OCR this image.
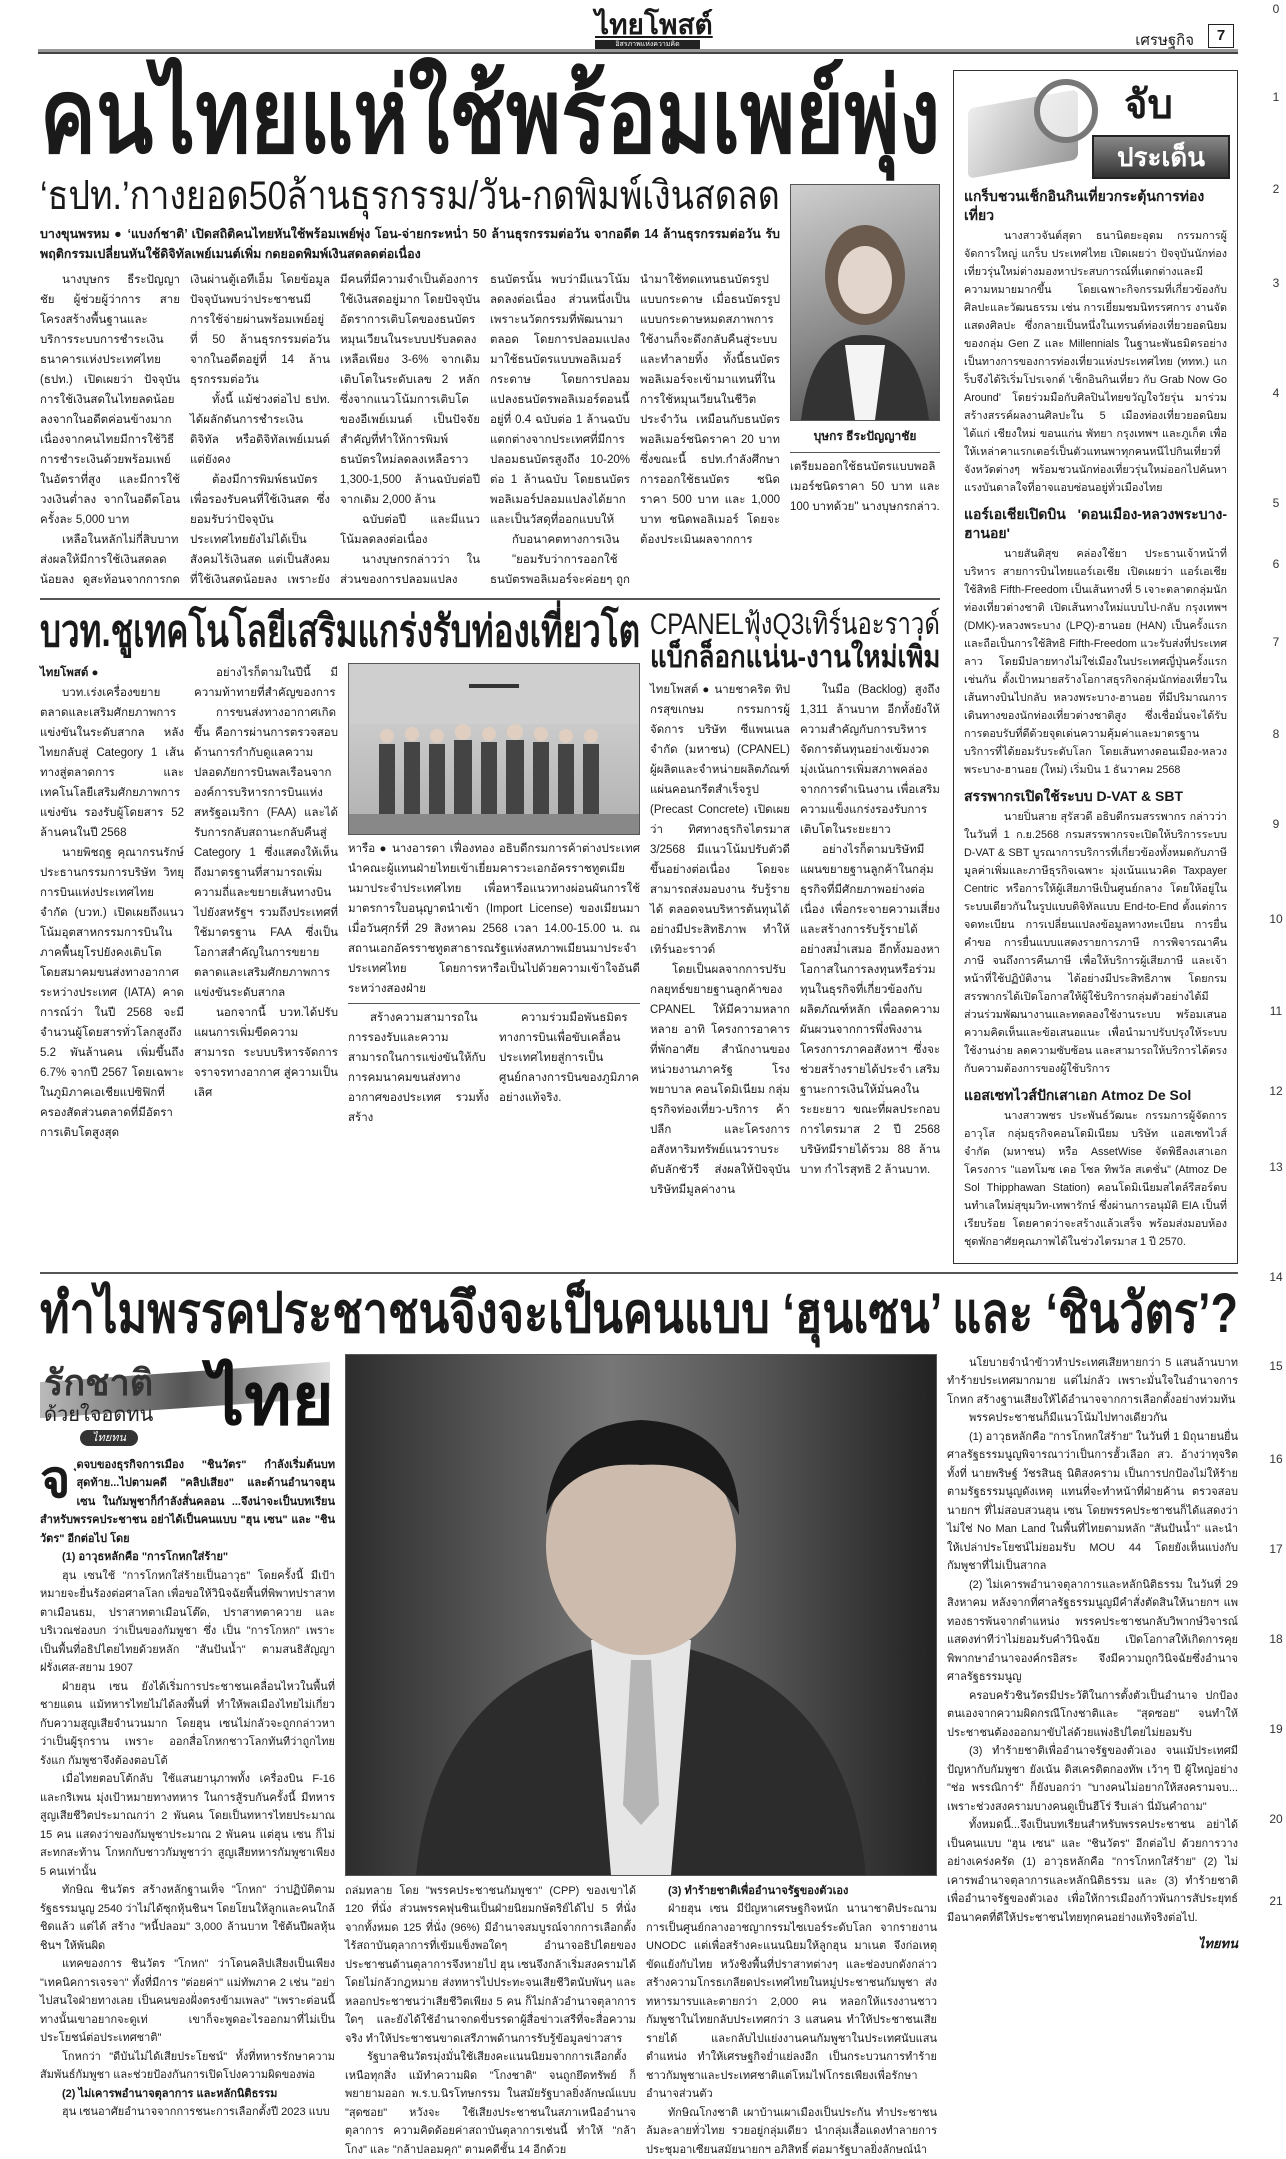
ไทยโพสต์
อิสรภาพแห่งความคิด	เศรษฐกิจ	7
0
1
2
3
4
5
6
7
8
9
10
11
12
13
14
15
16
17
18
19
20
21
คนไทยแห่ใช้พร้อมเพย์พุ่ง
‘ธปท.’กางยอด50ล้านธุรกรรม/วัน-กดพิมพ์เงินสดลด
บางขุนพรหม ● ‘แบงก์ชาติ’ เปิดสถิติคนไทยหันใช้พร้อมเพย์พุ่ง โอน-จ่ายกระหน่ำ 50 ล้านธุรกรรมต่อวัน จากอดีต 14 ล้านธุรกรรมต่อวัน รับพฤติกรรมเปลี่ยนหันใช้ดิจิทัลเพย์เมนต์เพิ่ม กดยอดพิมพ์เงินสดลดต่อเนื่อง

นางบุษกร ธีระปัญญาชัย ผู้ช่วยผู้ว่าการ สายโครงสร้างพื้นฐานและบริการระบบการชำระเงิน ธนาคารแห่งประเทศไทย (ธปท.) เปิดเผยว่า ปัจจุบันการใช้เงินสดในไทยลดน้อยลงจากในอดีตค่อนข้างมาก เนื่องจากคนไทยมีการใช้วิธีการชำระเงินด้วยพร้อมเพย์ในอัตราที่สูง และมีการใช้วงเงินต่ำลง จากในอดีตโอนครั้งละ 5,000 บาท

เหลือในหลักไม่กี่สิบบาท ส่งผลให้มีการใช้เงินสดลดน้อยลง ดูสะท้อนจากการกดเงินผ่านตู้เอทีเอ็ม โดยข้อมูลปัจจุบันพบว่าประชาชนมีการใช้จ่ายผ่านพร้อมเพย์อยู่ที่ 50 ล้านธุรกรรมต่อวัน จากในอดีตอยู่ที่ 14 ล้านธุรกรรมต่อวัน

ทั้งนี้ แม้ช่วงต่อไป ธปท. ได้ผลักดันการชำระเงินดิจิทัล หรือดิจิทัลเพย์เมนต์ แต่ยังคง

ต้องมีการพิมพ์ธนบัตรเพื่อรองรับคนที่ใช้เงินสด ซึ่งยอมรับว่าปัจจุบันประเทศไทยยังไม่ได้เป็นสังคมไร้เงินสด แต่เป็นสังคมที่ใช้เงินสดน้อยลง เพราะยังมีคนที่มีความจำเป็นต้องการใช้เงินสดอยู่มาก โดยปัจจุบันอัตราการเติบโตของธนบัตรหมุนเวียนในระบบปรับลดลงเหลือเพียง 3-6% จากเดิมเติบโตในระดับเลข 2 หลัก ซึ่งจากแนวโน้มการเติบโตของอีเพย์เมนต์ เป็นปัจจัยสำคัญที่ทำให้การพิมพ์ธนบัตรใหม่ลดลงเหลือราว 1,300-1,500 ล้านฉบับต่อปี จากเดิม 2,000 ล้าน

ฉบับต่อปี และมีแนวโน้มลดลงต่อเนื่อง

นางบุษกรกล่าวว่า ในส่วนของการปลอมแปลงธนบัตรนั้น พบว่ามีแนวโน้มลดลงต่อเนื่อง ส่วนหนึ่งเป็นเพราะนวัตกรรมที่พัฒนามาตลอด โดยการปลอมแปลงมาใช้ธนบัตรแบบพอลิเมอร์ กระดาษ โดยการปลอมแปลงธนบัตรพอลิเมอร์ตอนนี้อยู่ที่ 0.4 ฉบับต่อ 1 ล้านฉบับ แตกต่างจากประเทศที่มีการปลอมธนบัตรสูงถึง 10-20% ต่อ 1 ล้านฉบับ โดยธนบัตรพอลิเมอร์ปลอมแปลงได้ยาก และเป็นวัสดุที่ออกแบบให้

กับอนาคตทางการเงิน

"ยอมรับว่าการออกใช้ธนบัตรพอลิเมอร์จะค่อยๆ ถูกนำมาใช้ทดแทนธนบัตรรูปแบบกระดาษ เมื่อธนบัตรรูปแบบกระดาษหมดสภาพการใช้งานก็จะดึงกลับคืนสู่ระบบและทำลายทิ้ง ทั้งนี้ธนบัตรพอลิเมอร์จะเข้ามาแทนที่ในการใช้หมุนเวียนในชีวิตประจำวัน เหมือนกับธนบัตรพอลิเมอร์ชนิดราคา 20 บาท ซึ่งขณะนี้ ธปท.กำลังศึกษาการออกใช้ธนบัตร ชนิดราคา 500 บาท และ 1,000 บาท ชนิดพอลิเมอร์ โดยจะต้องประเมินผลจากการ

บุษกร ธีระปัญญาชัย

เตรียมออกใช้ธนบัตรแบบพอลิเมอร์ชนิดราคา 50 บาท และ 100 บาทด้วย" นางบุษกรกล่าว.

บวท.ชูเทคโนโลยีเสริมแกร่งรับท่องเที่ยวโต

ไทยโพสต์ ●

บวท.เร่งเครื่องขยายตลาดและเสริมศักยภาพการแข่งขันในระดับสากล หลังไทยกลับสู่ Category 1 เส้นทางสู่ตลาดการ และเทคโนโลยีเสริมศักยภาพการแข่งขัน รองรับผู้โดยสาร 52 ล้านคนในปี 2568

นายพิชฤฐ คุณากรนรักษ์ ประธานกรรมการบริษัท วิทยุการบินแห่งประเทศไทย จำกัด (บวท.) เปิดเผยถึงแนวโน้มอุตสาหกรรมการบินในภาคพื้นยุโรปยังคงเติบโต โดยสมาคมขนส่งทางอากาศระหว่างประเทศ (IATA) คาดการณ์ว่า ในปี 2568 จะมีจำนวนผู้โดยสารทั่วโลกสูงถึง 5.2 พันล้านคน เพิ่มขึ้นถึง 6.7% จากปี 2567 โดยเฉพาะในภูมิภาคเอเชียแปซิฟิกที่ครองสัดส่วนตลาดที่มีอัตราการเติบโตสูงสุด

อย่างไรก็ตามในปีนี้ มีความท้าทายที่สำคัญของการ

การขนส่งทางอากาศเกิดขึ้น คือการผ่านการตรวจสอบด้านการกำกับดูแลความปลอดภัยการบินพลเรือนจากองค์การบริหารการบินแห่งสหรัฐอเมริกา (FAA) และได้รับการกลับสถานะกลับคืนสู่ Category 1 ซึ่งแสดงให้เห็นถึงมาตรฐานที่สามารถเพิ่มความถี่และขยายเส้นทางบินไปยังสหรัฐฯ รวมถึงประเทศที่ใช้มาตรฐาน FAA ซึ่งเป็นโอกาสสำคัญในการขยายตลาดและเสริมศักยภาพการแข่งขันระดับสากล

นอกจากนี้ บวท.ได้ปรับแผนการเพิ่มขีดความสามารถ ระบบบริหารจัดการจราจรทางอากาศ สู่ความเป็นเลิศ

หารือ ● นางอารดา เฟื่องทอง อธิบดีกรมการค้าต่างประเทศ นำคณะผู้แทนฝ่ายไทยเข้าเยี่ยมคารวะเอกอัครราชทูตเมียนมาประจำประเทศไทย เพื่อหารือแนวทางผ่อนผันการใช้มาตรการใบอนุญาตนำเข้า (Import License) ของเมียนมา เมื่อวันศุกร์ที่ 29 สิงหาคม 2568 เวลา 14.00-15.00 น. ณ สถานเอกอัครราชทูตสาธารณรัฐแห่งสหภาพเมียนมาประจำประเทศไทย โดยการหารือเป็นไปด้วยความเข้าใจอันดีระหว่างสองฝ่าย

สร้างความสามารถในการรองรับและความสามารถในการแข่งขันให้กับการคมนาคมขนส่งทางอากาศของประเทศ รวมทั้งสร้าง

ความร่วมมือพันธมิตรทางการบินเพื่อขับเคลื่อนประเทศไทยสู่การเป็นศูนย์กลางการบินของภูมิภาคอย่างแท้จริง.

CPANELฟุ้งQ3เทิร์นอะราวด์
แบ็กล็อกแน่น-งานใหม่เพิ่ม

ไทยโพสต์ ● นายชาคริต ทิปกรสุขเกษม กรรมการผู้จัดการ บริษัท ซีแพนเนล จำกัด (มหาชน) (CPANEL) ผู้ผลิตและจำหน่ายผลิตภัณฑ์แผ่นคอนกรีตสำเร็จรูป (Precast Concrete) เปิดเผยว่า ทิศทางธุรกิจไตรมาส 3/2568 มีแนวโน้มปรับตัวดีขึ้นอย่างต่อเนื่อง โดยจะสามารถส่งมอบงาน รับรู้รายได้ ตลอดจนบริหารต้นทุนได้อย่างมีประสิทธิภาพ ทำให้เทิร์นอะราวด์

โดยเป็นผลจากการปรับกลยุทธ์ขยายฐานลูกค้าของ CPANEL ให้มีความหลากหลาย อาทิ โครงการอาคารที่พักอาศัย สำนักงานของหน่วยงานภาครัฐ โรงพยาบาล คอนโดมิเนียม กลุ่มธุรกิจท่องเที่ยว-บริการ ค้าปลีก และโครงการอสังหาริมทรัพย์แนวราบระดับลักชัวรี ส่งผลให้ปัจจุบันบริษัทมีมูลค่างาน

ในมือ (Backlog) สูงถึง 1,311 ล้านบาท อีกทั้งยังให้ความสำคัญกับการบริหารจัดการต้นทุนอย่างเข้มงวด มุ่งเน้นการเพิ่มสภาพคล่องจากการดำเนินงาน เพื่อเสริมความแข็งแกร่งรองรับการเติบโตในระยะยาว

อย่างไรก็ตามบริษัทมีแผนขยายฐานลูกค้าในกลุ่มธุรกิจที่มีศักยภาพอย่างต่อเนื่อง เพื่อกระจายความเสี่ยงและสร้างการรับรู้รายได้อย่างสม่ำเสมอ อีกทั้งมองหาโอกาสในการลงทุนหรือร่วมทุนในธุรกิจที่เกี่ยวข้องกับผลิตภัณฑ์หลัก เพื่อลดความผันผวนจากการพึ่งพิงงานโครงการภาคอสังหาฯ ซึ่งจะช่วยสร้างรายได้ประจำ เสริมฐานะการเงินให้มั่นคงในระยะยาว ขณะที่ผลประกอบการไตรมาส 2 ปี 2568 บริษัทมีรายได้รวม 88 ล้านบาท กำไรสุทธิ 2 ล้านบาท.

จับ
ประเด็น
แกร็บชวนเช็กอินกินเที่ยวกระตุ้นการท่องเที่ยว

นางสาวจันต์สุดา ธนานิตยะอุดม กรรมการผู้จัดการใหญ่ แกร็บ ประเทศไทย เปิดเผยว่า ปัจจุบันนักท่องเที่ยวรุ่นใหม่ต่างมองหาประสบการณ์ที่แตกต่างและมีความหมายมากขึ้น โดยเฉพาะกิจกรรมที่เกี่ยวข้องกับศิลปะและวัฒนธรรม เช่น การเยี่ยมชมนิทรรศการ งานจัดแสดงศิลปะ ซึ่งกลายเป็นหนึ่งในเทรนด์ท่องเที่ยวยอดนิยมของกลุ่ม Gen Z และ Millennials ในฐานะพันธมิตรอย่างเป็นทางการของการท่องเที่ยวแห่งประเทศไทย (ททท.) แกร็บจึงได้ริเริ่มโปรเจกต์ 'เช็กอินกินเที่ยว กับ Grab Now Go Around' โดยร่วมมือกับศิลปินไทยขวัญใจวัยรุ่น มาร่วมสร้างสรรค์ผลงานศิลปะใน 5 เมืองท่องเที่ยวยอดนิยม ได้แก่ เชียงใหม่ ขอนแก่น พัทยา กรุงเทพฯ และภูเก็ต เพื่อให้เหล่าคาแรกเตอร์เป็นตัวแทนพาทุกคนหนีไปกินเที่ยวที่จังหวัดต่างๆ พร้อมชวนนักท่องเที่ยวรุ่นใหม่ออกไปค้นหาแรงบันดาลใจที่อาจแอบซ่อนอยู่ทั่วเมืองไทย

แอร์เอเชียเปิดบิน 'ดอนเมือง-หลวงพระบาง-ฮานอย'

นายสันติสุข คล่องใช้ยา ประธานเจ้าหน้าที่บริหาร สายการบินไทยแอร์เอเชีย เปิดเผยว่า แอร์เอเชียใช้สิทธิ Fifth-Freedom เป็นเส้นทางที่ 5 เจาะตลาดกลุ่มนักท่องเที่ยวต่างชาติ เปิดเส้นทางใหม่แบบไป-กลับ กรุงเทพฯ (DMK)-หลวงพระบาง (LPQ)-ฮานอย (HAN) เป็นครั้งแรก และถือเป็นการใช้สิทธิ Fifth-Freedom แวะรับส่งที่ประเทศลาว โดยมีปลายทางไม่ใช่เมืองในประเทศญี่ปุ่นครั้งแรกเช่นกัน ตั้งเป้าหมายสร้างโอกาสธุรกิจกลุ่มนักท่องเที่ยวในเส้นทางบินไปกลับ หลวงพระบาง-ฮานอย ที่มีปริมาณการเดินทางของนักท่องเที่ยวต่างชาติสูง ซึ่งเชื่อมั่นจะได้รับการตอบรับที่ดีด้วยจุดเด่นความคุ้มค่าและมาตรฐานบริการที่ได้ยอมรับระดับโลก โดยเส้นทางดอนเมือง-หลวงพระบาง-ฮานอย (ใหม่) เริ่มบิน 1 ธันวาคม 2568

สรรพากรเปิดใช้ระบบ D-VAT & SBT

นายปิ่นสาย สุรัสวดี อธิบดีกรมสรรพากร กล่าวว่า ในวันที่ 1 ก.ย.2568 กรมสรรพากรจะเปิดให้บริการระบบ D-VAT & SBT บูรณาการบริการที่เกี่ยวข้องทั้งหมดกับภาษีมูลค่าเพิ่มและภาษีธุรกิจเฉพาะ มุ่งเน้นแนวคิด Taxpayer Centric หรือการให้ผู้เสียภาษีเป็นศูนย์กลาง โดยให้อยู่ในระบบเดียวกันในรูปแบบดิจิทัลแบบ End-to-End ตั้งแต่การจดทะเบียน การเปลี่ยนแปลงข้อมูลทางทะเบียน การยื่นคำขอ การยื่นแบบแสดงรายการภาษี การพิจารณาคืนภาษี จนถึงการคืนภาษี เพื่อให้บริการผู้เสียภาษี และเจ้าหน้าที่ใช้ปฏิบัติงาน ได้อย่างมีประสิทธิภาพ โดยกรมสรรพากรได้เปิดโอกาสให้ผู้ใช้บริการกลุ่มตัวอย่างได้มีส่วนร่วมพัฒนางานและทดลองใช้งานระบบ พร้อมเสนอความคิดเห็นและข้อเสนอแนะ เพื่อนำมาปรับปรุงให้ระบบใช้งานง่าย ลดความซับซ้อน และสามารถให้บริการได้ตรงกับความต้องการของผู้ใช้บริการ

แอสเซทไวส์ปักเสาเอก Atmoz De Sol

นางสาวพชร ประพันธ์วัฒนะ กรรมการผู้จัดการอาวุโส กลุ่มธุรกิจคอนโดมิเนียม บริษัท แอสเซทไวส์ จำกัด (มหาชน) หรือ AssetWise จัดพิธีลงเสาเอกโครงการ "แอทโมซ เดอ โซล ทิพวัล สเตชั่น" (Atmoz De Sol Thipphawan Station) คอนโดมิเนียมสไตล์รีสอร์ตบนทำเลใหม่สุขุมวิท-เทพารักษ์ ซึ่งผ่านการอนุมัติ EIA เป็นที่เรียบร้อย โดยคาดว่าจะสร้างแล้วเสร็จ พร้อมส่งมอบห้องชุดพักอาศัยคุณภาพได้ในช่วงไตรมาส 1 ปี 2570.

ทำไมพรรคประชาชนจึงจะเป็นคนแบบ ‘ฮุนเซน’ และ ‘ชินวัตร’?
รักชาติ ไทย
ด้วยใจอดทน
ไทยทน
จ ุดจบของธุรกิจการเมือง "ชินวัตร" กำลังเริ่มต้นบทสุดท้าย...ไปตามคดี "คลิปเสียง" และด้านอำนาจฮุน เซน ในกัมพูชาก็กำลังสั่นคลอน ...จึงน่าจะเป็นบทเรียนสำหรับพรรคประชาชน อย่าได้เป็นคนแบบ "ฮุน เซน" และ "ชินวัตร" อีกต่อไป โดย

(1) อาวุธหลักคือ "การโกหกใส่ร้าย"

ฮุน เซนใช้ "การโกหกใส่ร้ายเป็นอาวุธ" โดยครั้งนี้ มีเป้าหมายจะยื่นร้องต่อศาลโลก เพื่อขอให้วินิจฉัยพื้นที่พิพาทปราสาทตาเมือนธม, ปราสาทตาเมือนโต๊ด, ปราสาทตาควาย และบริเวณช่องบก ว่าเป็นของกัมพูชา ซึ่ง เป็น "การโกหก" เพราะเป็นพื้นที่อธิปไตยไทยด้วยหลัก "สันปันน้ำ" ตามสนธิสัญญาฝรั่งเศส-สยาม 1907

ฝ่ายฮุน เซน ยังได้เริ่มการประชาชนเคลื่อนไหวในพื้นที่ชายแดน แม้ทหารไทยไม่ได้ลงพื้นที่ ทำให้พลเมืองไทยไม่เกี่ยวกับความสูญเสียจำนวนมาก โดยฮุน เซนไม่กลัวจะถูกกล่าวหาว่าเป็นผู้รุกราน เพราะ ออกสื่อโกหกชาวโลกทันทีว่าถูกไทยรังแก กัมพูชาจึงต้องตอบโต้

เมื่อไทยตอบโต้กลับ ใช้แสนยานุภาพทั้ง เครื่องบิน F-16 และกริเพน มุ่งเป้าหมายทางทหาร ในการสู้รบกันครั้งนี้ มีทหารสูญเสียชีวิตประมาณกว่า 2 พันคน โดยเป็นทหารไทยประมาณ 15 คน แสดงว่าของกัมพูชาประมาณ 2 พันคน แต่ฮุน เซน ก็ไม่สะทกสะท้าน โกหกกับชาวกัมพูชาว่า สูญเสียทหารกัมพูชาเพียง 5 คนเท่านั้น

ทักษิณ ชินวัตร สร้างหลักฐานเท็จ "โกหก" ว่าปฏิบัติตามรัฐธรรมนูญ 2540 ว่าไม่ได้ซุกหุ้นชินฯ โดยโยนให้ลูกและคนใกล้ชิดแล้ว แต่ได้ สร้าง "หนี้ปลอม" 3,000 ล้านบาท ใช้ต้นปีผลหุ้นชินฯ ให้พ้นผิด

แทคของการ ชินวัตร "โกหก" ว่าโดนคลิปเสียงเป็นเพียง "เทคนิคการเจรจา" ทั้งที่มีการ "ต่อยค่า" แม่ทัพภาค 2 เช่น "อย่าไปสนใจฝ่ายทางเลย เป็นคนของฝั่งตรงข้ามเพลง" "เพราะต่อนนี้ทางนั้นเขาอยากจะดูเท่ เขาก็จะพูดอะไรออกมาที่ไม่เป็นประโยชน์ต่อประเทศชาติ"

โกหกว่า "ดีบันไม่ได้เสียประโยชน์" ทั้งที่ทหารรักษาความสัมพันธ์กัมพูชา และช่วยป้องกันการเปิดโปงความผิดของพ่อ

(2) ไม่เคารพอำนาจตุลาการ และหลักนิติธรรม

ฮุน เซนอาศัยอำนาจจากการชนะการเลือกตั้งปี 2023 แบบ

ถล่มทลาย โดย "พรรคประชาชนกัมพูชา" (CPP) ของเขาได้ 120 ที่นั่ง ส่วนพรรคฟุนซินเป็นฝ่ายนิยมกษัตริย์ได้ไป 5 ที่นั่ง จากทั้งหมด 125 ที่นั่ง (96%) มีอำนาจสมบูรณ์จากการเลือกตั้ง ไร้สถาบันตุลาการที่เข้มแข็งพอใดๆ อำนาจอธิปไตยของประชาชนด้านตุลาการจึงหายไป ฮุน เซนจึงกล้าเริ่มสงครามได้โดยไม่กลัวกฎหมาย ส่งทหารไปประทะจนเสียชีวิตนับพันๆ และหลอกประชาชนว่าเสียชีวิตเพียง 5 คน ก็ไม่กลัวอำนาจตุลาการใดๆ และยังได้ใช้อำนาจกดขี่บรรดาผู้สื่อข่าวเสรีที่จะสื่อความจริง ทำให้ประชาชนขาดเสรีภาพด้านการรับรู้ข้อมูลข่าวสาร

รัฐบาลชินวัตรมุ่งมั่นใช้เสียงคะแนนนิยมจากการเลือกตั้งเหนือทุกสิ่ง แม้ทำความผิด "โกงชาติ" จนถูกยึดทรัพย์ ก็พยายามออก พ.ร.บ.นิรโทษกรรม ในสมัยรัฐบาลยิ่งลักษณ์แบบ "สุดซอย" หวังจะ ใช้เสียงประชาชนในสภาเหนืออำนาจตุลาการ ความคิดด้อยค่าสถาบันตุลาการเช่นนี้ ทำให้ "กล้าโกง" และ "กล้าปลอมคุก" ตามคดีชั้น 14 อีกด้วย

(3) ทำร้ายชาติเพื่ออำนาจรัฐของตัวเอง

ฝ่ายฮุน เซน มีปัญหาเศรษฐกิจหนัก นานาชาติประณามการเป็นศูนย์กลางอาชญากรรมไซเบอร์ระดับโลก จากรายงาน UNODC แต่เพื่อสร้างคะแนนนิยมให้ลูกฮุน มาเนต จึงก่อเหตุขัดแย้งกับไทย หวังชิงพื้นที่ปราสาทต่างๆ และช่องบกดังกล่าว สร้างความโกรธเกลียดประเทศไทยในหมู่ประชาชนกัมพูชา ส่งทหารมารบและตายกว่า 2,000 คน หลอกให้แรงงานชาวกัมพูชาในไทยกลับประเทศกว่า 3 แสนคน ทำให้ประชาชนเสียรายได้ และกลับไปแย่งงานคนกัมพูชาในประเทศนับแสนตำแหน่ง ทำให้เศรษฐกิจย่ำแย่ลงอีก เป็นกระบวนการทำร้ายชาวกัมพูชาและประเทศชาติแต่โหมไฟโกรธเพียงเพื่อรักษาอำนาจส่วนตัว

ทักษิณโกงชาติ เผาบ้านเผาเมืองเป็นประกัน ทำประชาชนล้มละลายทั่วไทย รวยอยู่กลุ่มเดียว นำกลุ่มเสื้อแดงทำลายการประชุมอาเซียนสมัยนายกฯ อภิสิทธิ์ ต่อมารัฐบาลยิ่งลักษณ์นำ

นโยบายจำนำข้าวทำประเทศเสียหายกว่า 5 แสนล้านบาท ทำร้ายประเทศมากมาย แต่ไม่กลัว เพราะมั่นใจในอำนาจการโกหก สร้างฐานเสียงให้ได้อำนาจจากการเลือกตั้งอย่างท่วมท้น

พรรคประชาชนก็มีแนวโน้มไปทางเดียวกัน

(1) อาวุธหลักคือ "การโกหกใส่ร้าย" ในวันที่ 1 มิถุนายนยื่นศาลรัฐธรรมนูญพิจารณาว่าเป็นการฮั้วเลือก สว. อ้างว่าทุจริต ทั้งที่ นายพริษฐ์ วัชรสินธุ นิติสงคราม เป็นการปกป้องไม่ให้ร้ายตามรัฐธรรมนูญดังเหตุ แทนที่จะทำหน้าที่ฝ่ายค้าน ตรวจสอบนายกฯ ที่ไม่สอบสวนฮุน เซน โดยพรรคประชาชนก็ได้แสดงว่าไม่ใช่ No Man Land ในพื้นที่ไทยตามหลัก "สันปันน้ำ" และนำให้เปล่าประโยชน์ไม่ยอมรับ MOU 44 โดยยังเห็นแบ่งกับกัมพูชาที่ไม่เป็นสากล

(2) ไม่เคารพอำนาจตุลาการและหลักนิติธรรม ในวันที่ 29 สิงหาคม หลังจากที่ศาลรัฐธรรมนูญมีคำสั่งตัดสินให้นายกฯ แพทองธารพ้นจากตำแหน่ง พรรคประชาชนกลับวิพากษ์วิจารณ์ แสดงท่าทีว่าไม่ยอมรับคำวินิจฉัย เปิดโอกาสให้เกิดการคุยพิพากษาอำนาจองค์กรอิสระ จึงมีความถูกวินิจฉัยซึ่งอำนาจศาลรัฐธรรมนูญ

ครอบครัวชินวัตรมีประวัติในการตั้งตัวเป็นอำนาจ ปกป้องตนเองจากความผิดกรณีโกงชาติและ "สุดซอย" จนทำให้ประชาชนต้องออกมาขับไล่ด้วยแพ่งธิปไตยไม่ยอมรับ

(3) ทำร้ายชาติเพื่ออำนาจรัฐของตัวเอง จนแม้ประเทศมีปัญหากับกัมพูชา ยังเน้น ดิสเครดิตกองทัพ เว้าๆ ปี ผู้ใหญ่อย่าง "ช่อ พรรณิการ์" ก็ยังบอกว่า "บางคนไม่อยากให้สงครามจบ... เพราะช่วงสงครามบางคนดูเป็นฮีโร่ รีบเล่า นี่มันคำถาม"

ทั้งหมดนี้...จึงเป็นบทเรียนสำหรับพรรคประชาชน อย่าได้เป็นคนแบบ "ฮุน เซน" และ "ชินวัตร" อีกต่อไป ด้วยการวางอย่างเคร่งครัด (1) อาวุธหลักคือ "การโกหกใส่ร้าย" (2) ไม่เคารพอำนาจตุลาการและหลักนิติธรรม และ (3) ทำร้ายชาติเพื่ออำนาจรัฐของตัวเอง เพื่อให้การเมืองก้าวพ้นการสัประยุทธ์ มีอนาคตที่ดีให้ประชาชนไทยทุกคนอย่างแท้จริงต่อไป.

ไทยทน
